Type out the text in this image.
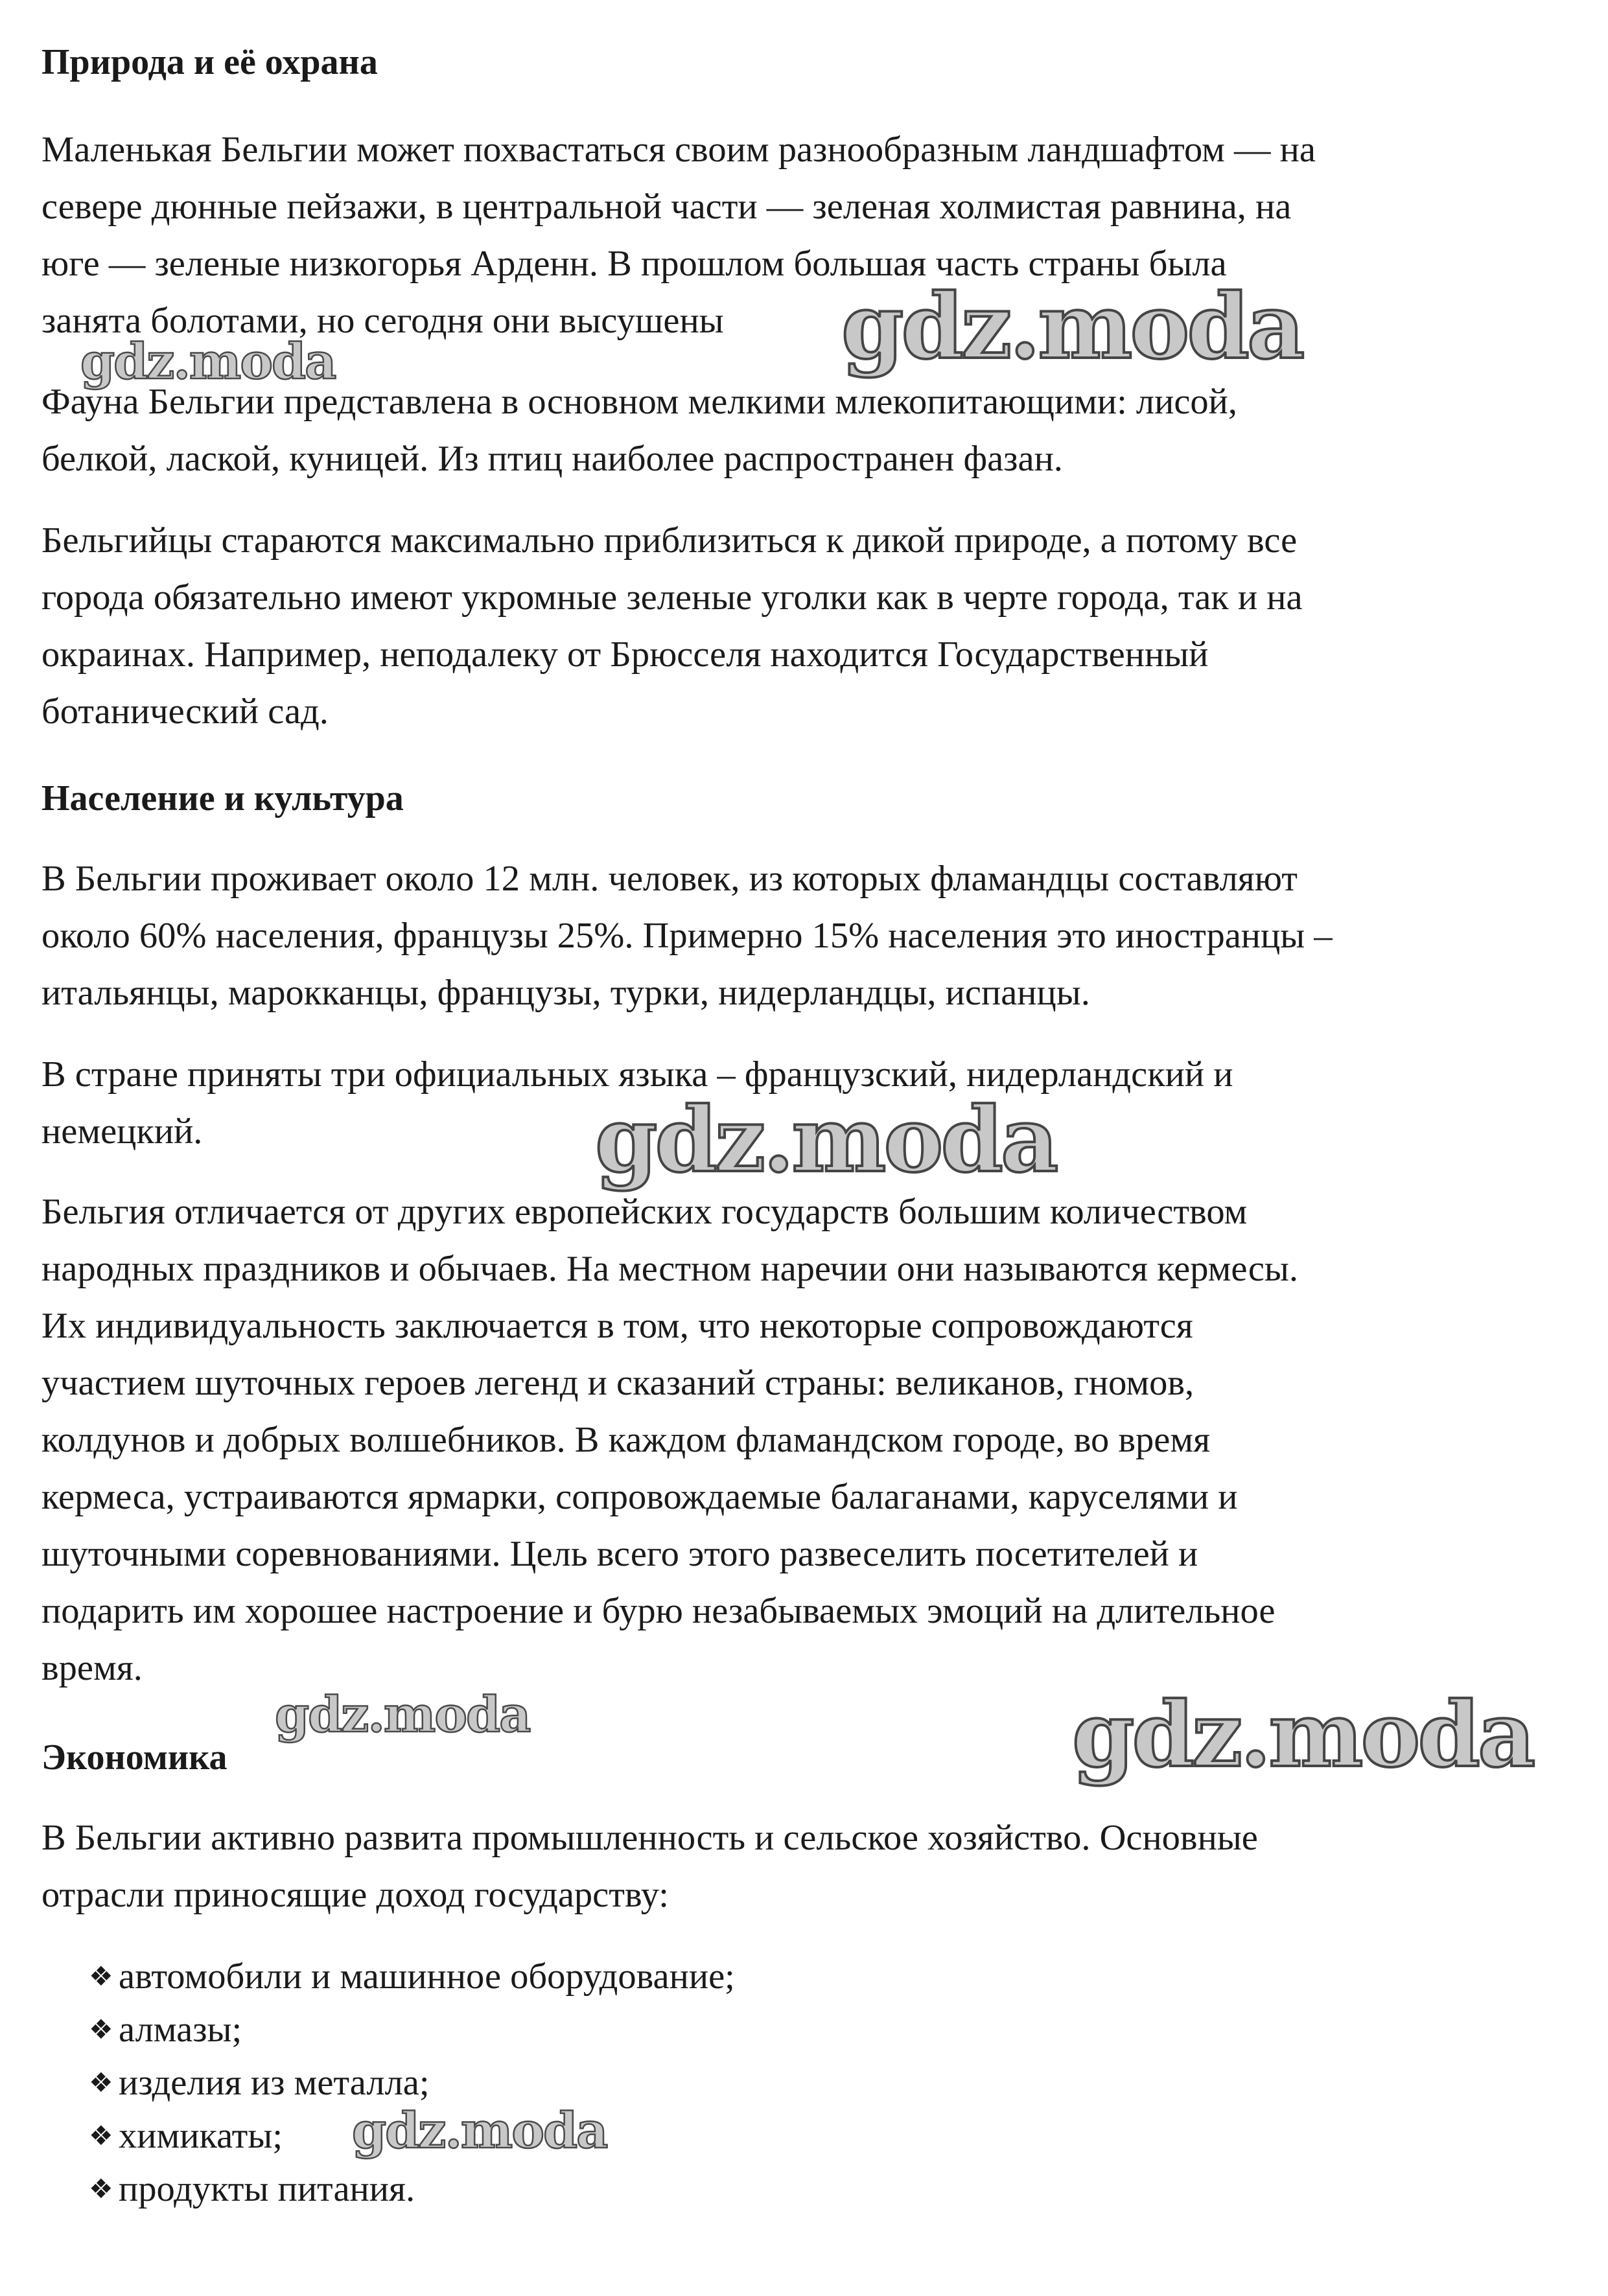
Природа и её охрана
Маленькая Бельгии может похвастаться своим разнообразным ландшафтом — на
севере дюнные пейзажи, в центральной части — зеленая холмистая равнина, на
юге — зеленые низкогорья Арденн. В прошлом большая часть страны была
занята болотами, но сегодня они высушены
Фауна Бельгии представлена в основном мелкими млекопитающими: лисой,
белкой, лаской, куницей. Из птиц наиболее распространен фазан.
Бельгийцы стараются максимально приблизиться к дикой природе, а потому все
города обязательно имеют укромные зеленые уголки как в черте города, так и на
окраинах. Например, неподалеку от Брюсселя находится Государственный
ботанический сад.
Население и культура
В Бельгии проживает около 12 млн. человек, из которых фламандцы составляют
около 60% населения, французы 25%. Примерно 15% населения это иностранцы –
итальянцы, марокканцы, французы, турки, нидерландцы, испанцы.
В стране приняты три официальных языка – французский, нидерландский и
немецкий.
Бельгия отличается от других европейских государств большим количеством
народных праздников и обычаев. На местном наречии они называются кермесы.
Их индивидуальность заключается в том, что некоторые сопровождаются
участием шуточных героев легенд и сказаний страны: великанов, гномов,
колдунов и добрых волшебников. В каждом фламандском городе, во время
кермеса, устраиваются ярмарки, сопровождаемые балаганами, каруселями и
шуточными соревнованиями. Цель всего этого развеселить посетителей и
подарить им хорошее настроение и бурю незабываемых эмоций на длительное
время.
Экономика
В Бельгии активно развита промышленность и сельское хозяйство. Основные
отрасли приносящие доход государству:
❖ автомобили и машинное оборудование;
❖ алмазы;
❖ изделия из металла;
❖ химикаты;
❖ продукты питания.
gdz.moda
gdz.moda
gdz.moda
gdz.moda	gdz.moda
gdz.moda
